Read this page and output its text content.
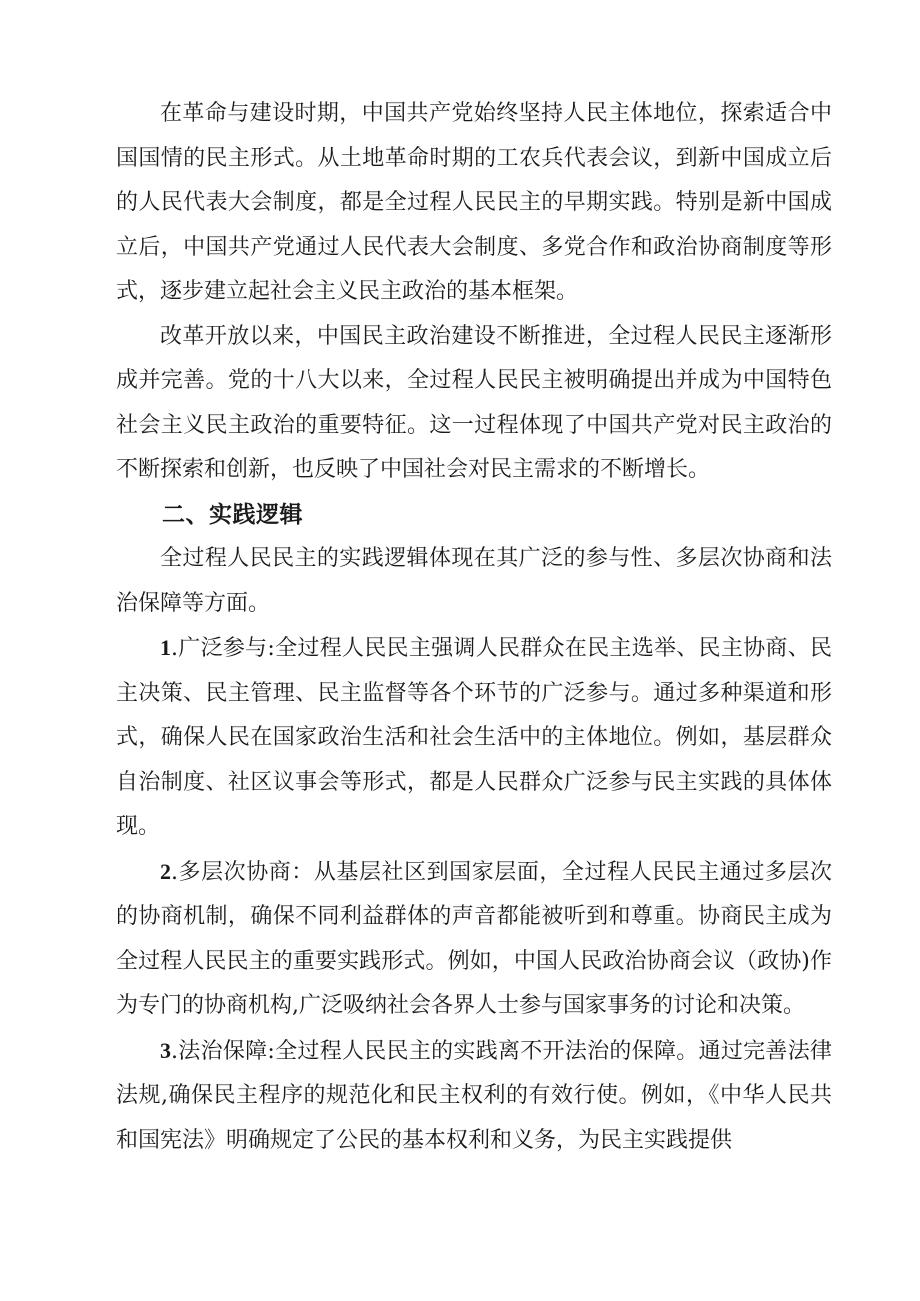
在革命与建设时期，中国共产党始终坚持人民主体地位，探索适合中国国情的民主形式。从土地革命时期的工农兵代表会议，到新中国成立后的人民代表大会制度，都是全过程人民民主的早期实践。特别是新中国成立后，中国共产党通过人民代表大会制度、多党合作和政治协商制度等形式，逐步建立起社会主义民主政治的基本框架。

改革开放以来，中国民主政治建设不断推进，全过程人民民主逐渐形成并完善。党的十八大以来，全过程人民民主被明确提出并成为中国特色社会主义民主政治的重要特征。这一过程体现了中国共产党对民主政治的不断探索和创新，也反映了中国社会对民主需求的不断增长。

二、实践逻辑

全过程人民民主的实践逻辑体现在其广泛的参与性、多层次协商和法治保障等方面。

1.广泛参与:全过程人民民主强调人民群众在民主选举、民主协商、民主决策、民主管理、民主监督等各个环节的广泛参与。通过多种渠道和形式，确保人民在国家政治生活和社会生活中的主体地位。例如，基层群众自治制度、社区议事会等形式，都是人民群众广泛参与民主实践的具体体现。

2.多层次协商：从基层社区到国家层面，全过程人民民主通过多层次的协商机制，确保不同利益群体的声音都能被听到和尊重。协商民主成为全过程人民民主的重要实践形式。例如，中国人民政治协商会议（政协)作为专门的协商机构,广泛吸纳社会各界人士参与国家事务的讨论和决策。

3.法治保障:全过程人民民主的实践离不开法治的保障。通过完善法律法规,确保民主程序的规范化和民主权利的有效行使。例如，《中华人民共和国宪法》明确规定了公民的基本权利和义务，为民主实践提供
